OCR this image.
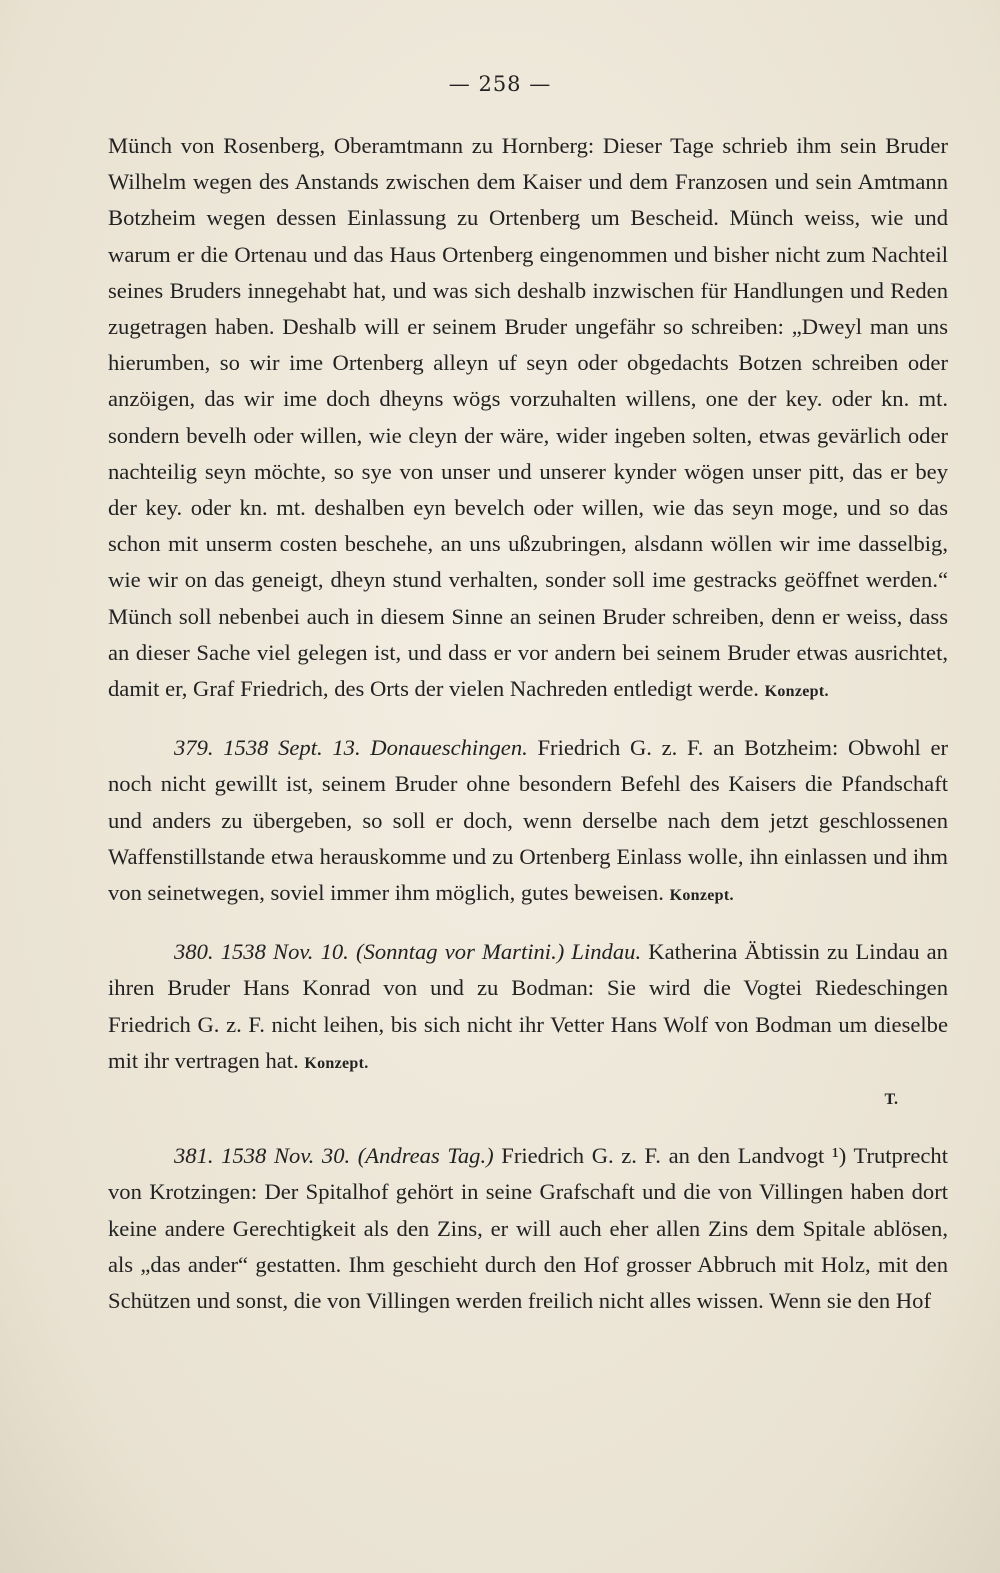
— 258 —

Münch von Rosenberg, Oberamtmann zu Hornberg: Dieser Tage schrieb ihm sein Bruder Wilhelm wegen des Anstands zwischen dem Kaiser und dem Franzosen und sein Amtmann Botzheim wegen dessen Einlassung zu Ortenberg um Bescheid. Münch weiss, wie und warum er die Ortenau und das Haus Ortenberg eingenommen und bisher nicht zum Nachteil seines Bruders innegehabt hat, und was sich deshalb inzwischen für Handlungen und Reden zugetragen haben. Deshalb will er seinem Bruder ungefähr so schreiben: „Dweyl man uns hierumben, so wir ime Ortenberg alleyn uf seyn oder obgedachts Botzen schreiben oder anzöigen, das wir ime doch dheyns wögs vorzuhalten willens, one der key. oder kn. mt. sondern bevelh oder willen, wie cleyn der wäre, wider ingeben solten, etwas gevärlich oder nachteilig seyn möchte, so sye von unser und unserer kynder wögen unser pitt, das er bey der key. oder kn. mt. deshalben eyn bevelch oder willen, wie das seyn moge, und so das schon mit unserm costen beschehe, an uns ußzubringen, alsdann wöllen wir ime dasselbig, wie wir on das geneigt, dheyn stund verhalten, sonder soll ime gestracks geöffnet werden.“ Münch soll nebenbei auch in diesem Sinne an seinen Bruder schreiben, denn er weiss, dass an dieser Sache viel gelegen ist, und dass er vor andern bei seinem Bruder etwas ausrichtet, damit er, Graf Friedrich, des Orts der vielen Nachreden entledigt werde. Konzept.

379. 1538 Sept. 13. Donaueschingen. Friedrich G. z. F. an Botzheim: Obwohl er noch nicht gewillt ist, seinem Bruder ohne besondern Befehl des Kaisers die Pfandschaft und anders zu übergeben, so soll er doch, wenn derselbe nach dem jetzt geschlossenen Waffenstillstande etwa herauskomme und zu Ortenberg Einlass wolle, ihn einlassen und ihm von seinetwegen, soviel immer ihm möglich, gutes beweisen. Konzept.

380. 1538 Nov. 10. (Sonntag vor Martini.) Lindau. Katherina Äbtissin zu Lindau an ihren Bruder Hans Konrad von und zu Bodman: Sie wird die Vogtei Riedeschingen Friedrich G. z. F. nicht leihen, bis sich nicht ihr Vetter Hans Wolf von Bodman um dieselbe mit ihr vertragen hat. Konzept.

T.

381. 1538 Nov. 30. (Andreas Tag.) Friedrich G. z. F. an den Landvogt ¹) Trutprecht von Krotzingen: Der Spitalhof gehört in seine Grafschaft und die von Villingen haben dort keine andere Gerechtigkeit als den Zins, er will auch eher allen Zins dem Spitale ablösen, als „das ander“ gestatten. Ihm geschieht durch den Hof grosser Abbruch mit Holz, mit den Schützen und sonst, die von Villingen werden freilich nicht alles wissen. Wenn sie den Hof
